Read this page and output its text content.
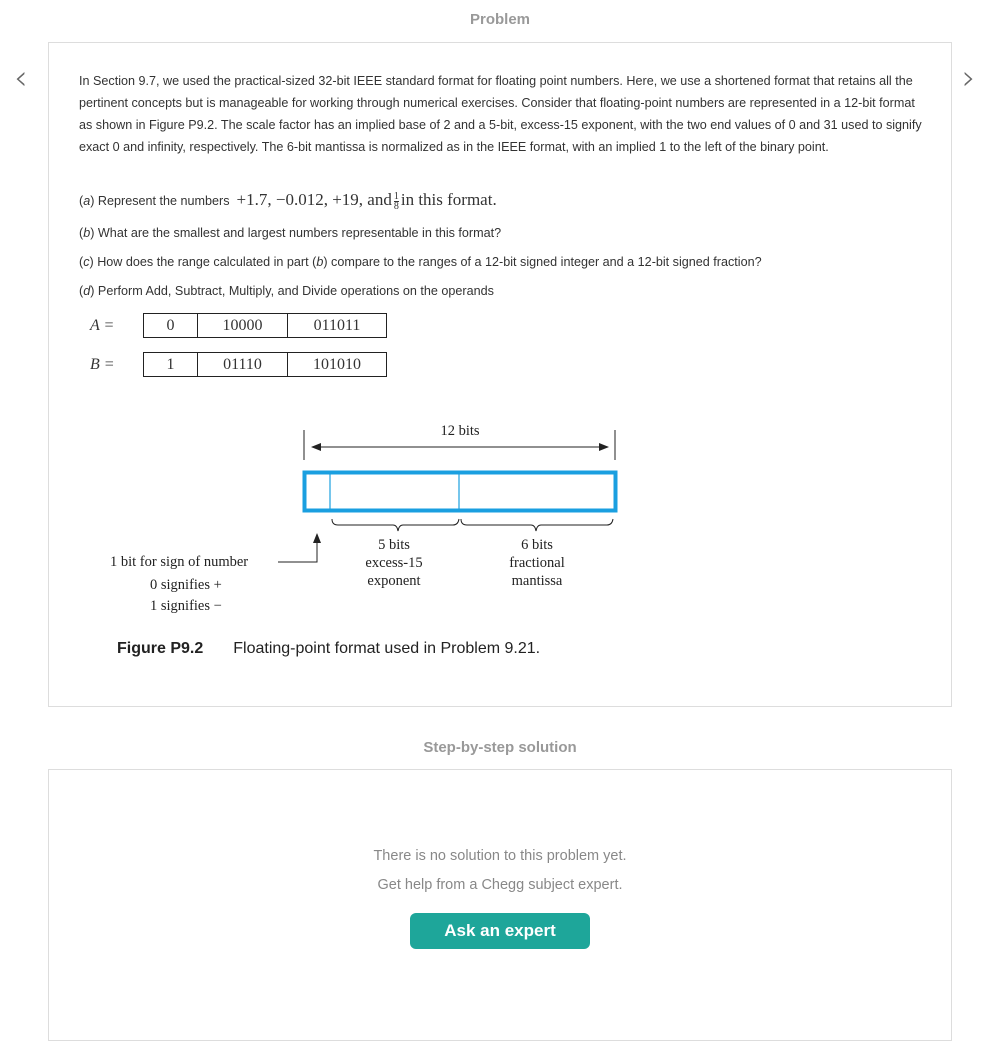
Problem
‹	›
In Section 9.7, we used the practical-sized 32-bit IEEE standard format for floating point numbers. Here, we use a shortened format that retains all the pertinent concepts but is manageable for working through numerical exercises. Consider that floating-point numbers are represented in a 12-bit format as shown in Figure P9.2. The scale factor has an implied base of 2 and a 5-bit, excess-15 exponent, with the two end values of 0 and 31 used to signify exact 0 and infinity, respectively. The 6-bit mantissa is normalized as in the IEEE format, with an implied 1 to the left of the binary point.
(a) Represent the numbers +1.7, −0.012, +19, and $\frac{1}{8}$ in this format.
(b) What are the smallest and largest numbers representable in this format?
(c) How does the range calculated in part (b) compare to the ranges of a 12-bit signed integer and a 12-bit signed fraction?
(d) Perform Add, Subtract, Multiply, and Divide operations on the operands
A =	0	10000	011011
B =	1	01110	101010
12 bits
1 bit for sign of number
0 signifies +
1 signifies −
5 bits
excess-15
exponent
6 bits
fractional
mantissa
Figure P9.2 Floating-point format used in Problem 9.21.
Step-by-step solution
There is no solution to this problem yet.
Get help from a Chegg subject expert.
Ask an expert
